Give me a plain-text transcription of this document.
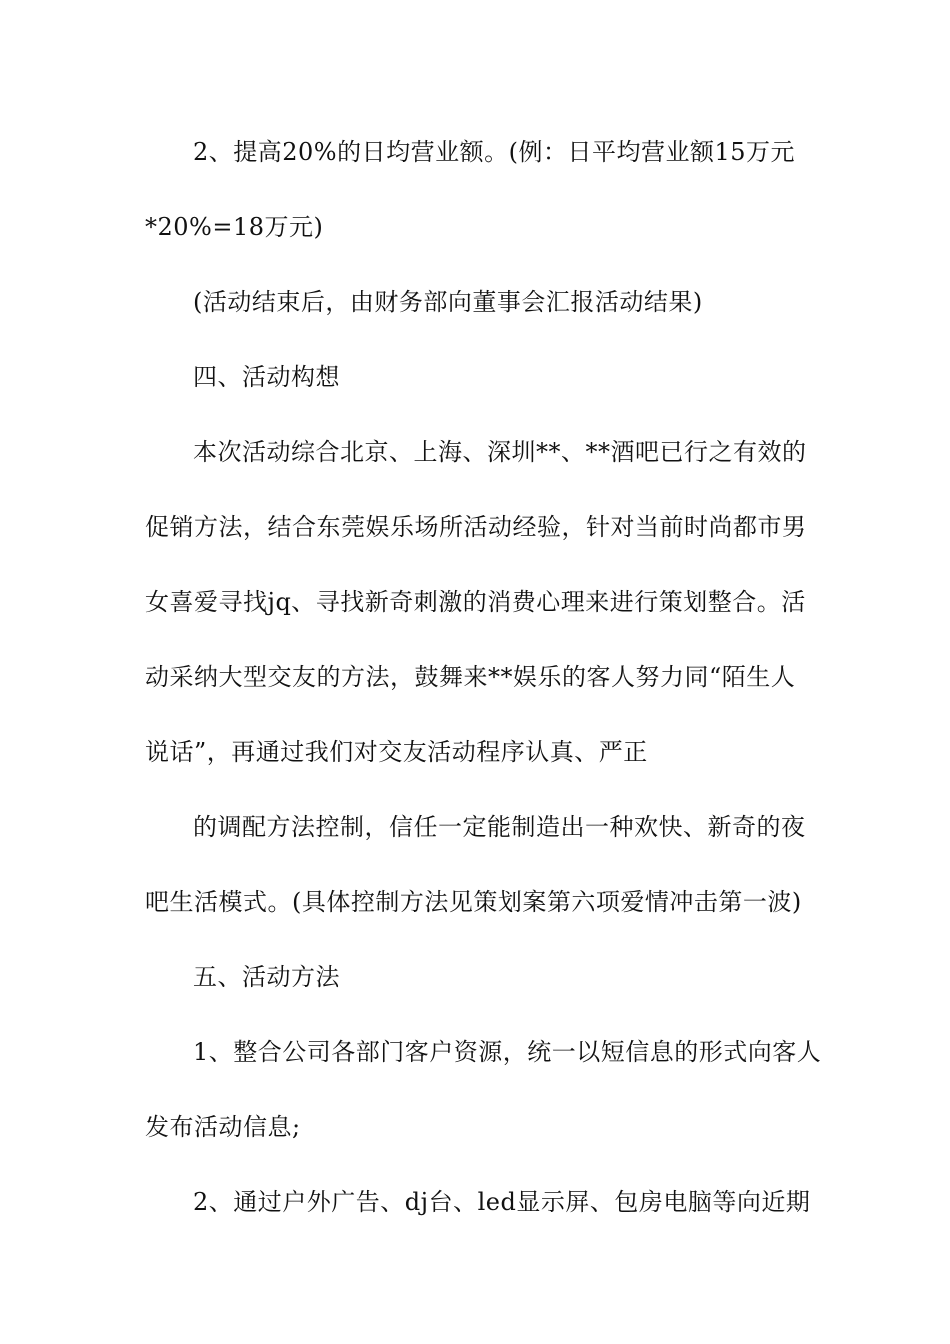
2、提高20%的日均营业额。(例：日平均营业额15万元
*20%=18万元)
(活动结束后，由财务部向董事会汇报活动结果)
四、活动构想
本次活动综合北京、上海、深圳**、**酒吧已行之有效的
促销方法，结合东莞娱乐场所活动经验，针对当前时尚都市男
女喜爱寻找jq、寻找新奇刺激的消费心理来进行策划整合。活
动采纳大型交友的方法，鼓舞来**娱乐的客人努力同“陌生人
说话”，再通过我们对交友活动程序认真、严正
的调配方法控制，信任一定能制造出一种欢快、新奇的夜
吧生活模式。(具体控制方法见策划案第六项爱情冲击第一波)
五、活动方法
1、整合公司各部门客户资源，统一以短信息的形式向客人
发布活动信息;
2、通过户外广告、dj台、led显示屏、包房电脑等向近期
